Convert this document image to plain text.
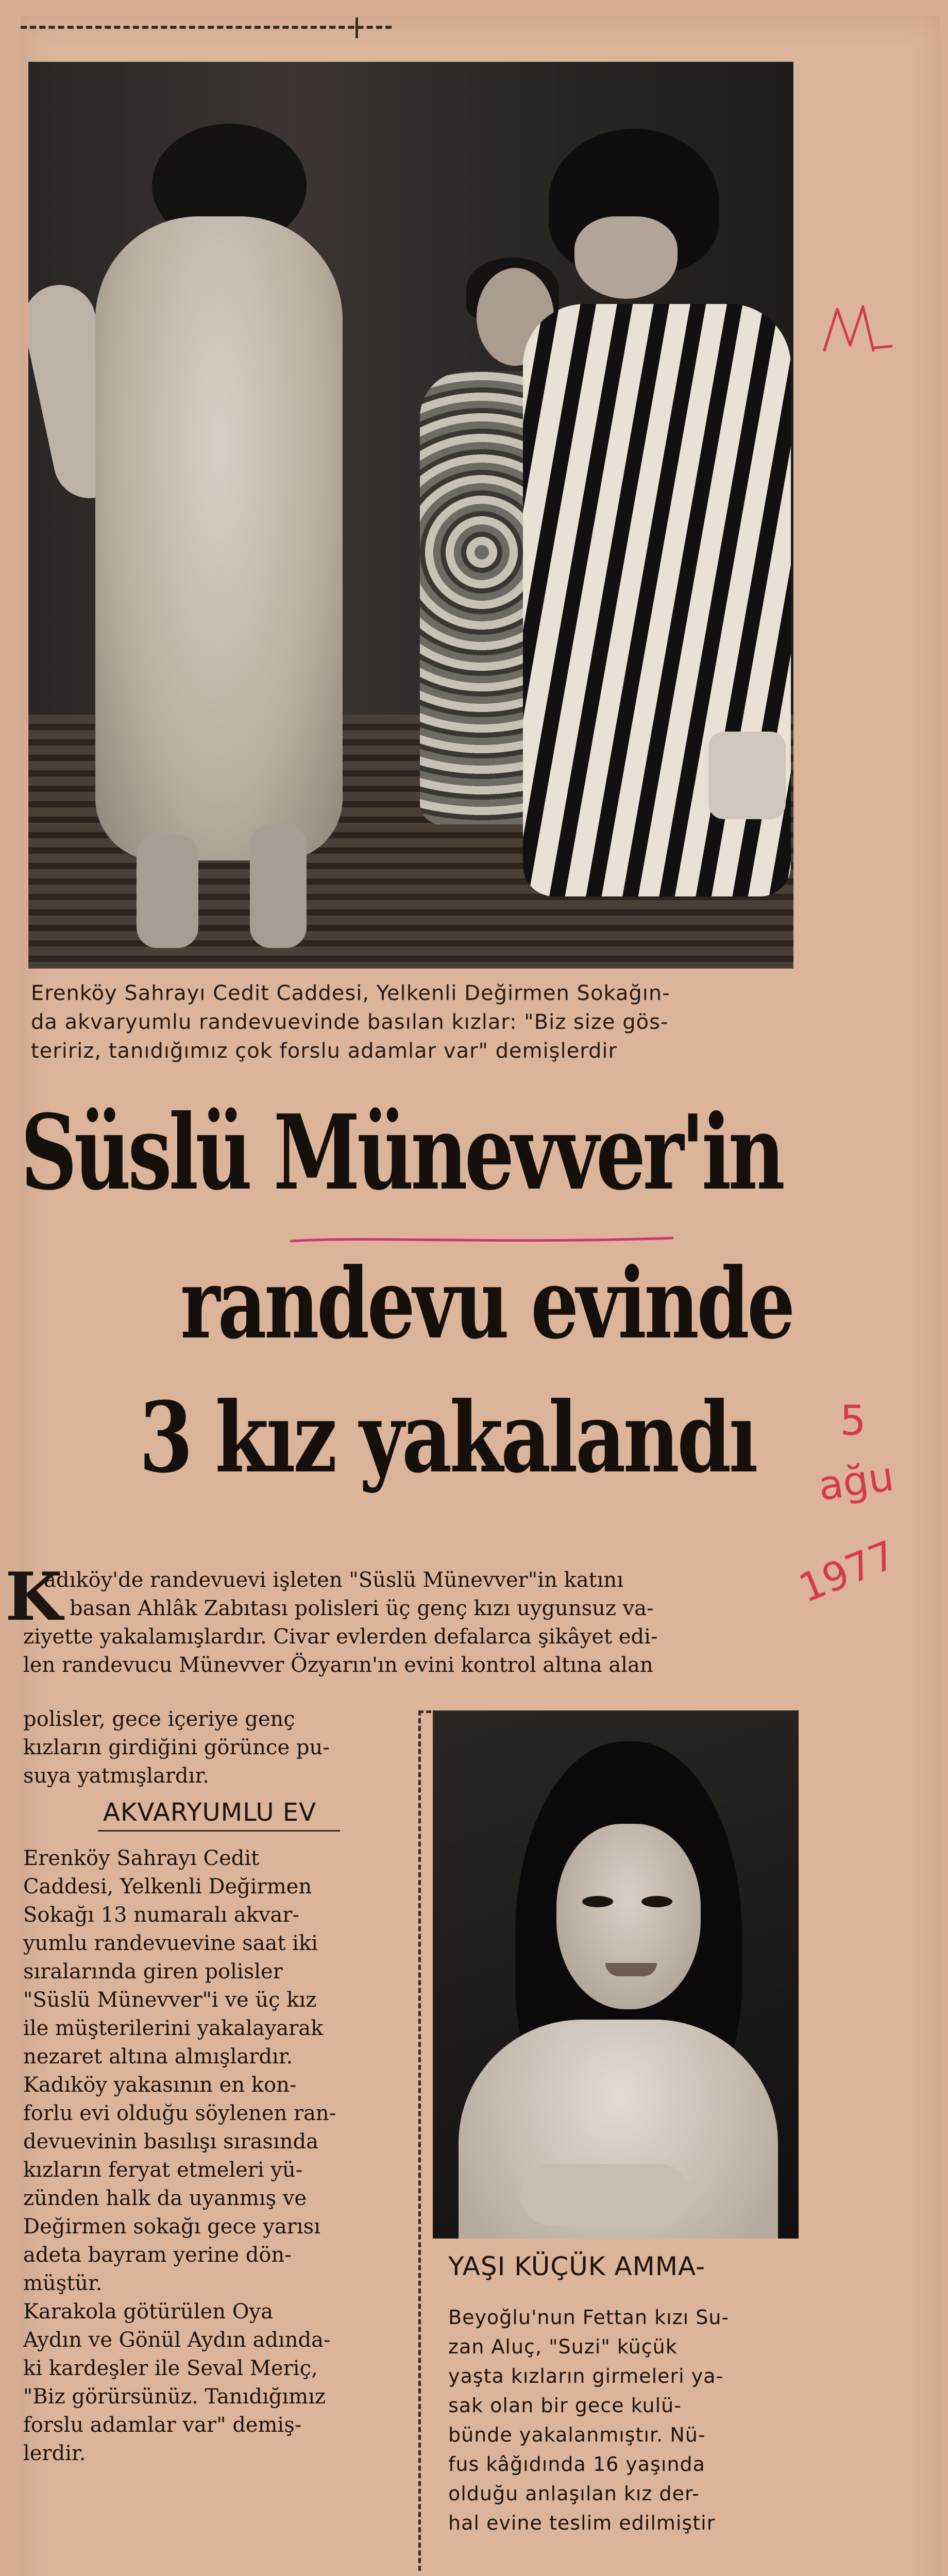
Erenköy Sahrayı Cedit Caddesi, Yelkenli Değirmen Sokağın-

da akvaryumlu randevuevinde basılan kızlar: "Biz size gös-

teririz, tanıdığımız çok forslu adamlar var" demişlerdir

M-
Süslü Münevver'in
randevu evinde
3 kız yakalandı 5
ağu
1977
K

adıköy'de randevuevi işleten "Süslü Münevver"in katını

basan Ahlâk Zabıtası polisleri üç genç kızı uygunsuz va-

ziyette yakalamışlardır. Civar evlerden defalarca şikâyet edi-

len randevucu Münevver Özyarın'ın evini kontrol altına alan

polisler, gece içeriye genç

kızların girdiğini görünce pu-

suya yatmışlardır.

AKVARYUMLU EV

Erenköy Sahrayı Cedit

Caddesi, Yelkenli Değirmen

Sokağı 13 numaralı akvar-

yumlu randevuevine saat iki

sıralarında giren polisler

"Süslü Münevver"i ve üç kız

ile müşterilerini yakalayarak

nezaret altına almışlardır.

Kadıköy yakasının en kon-

forlu evi olduğu söylenen ran-

devuevinin basılışı sırasında

kızların feryat etmeleri yü-

zünden halk da uyanmış ve

Değirmen sokağı gece yarısı

adeta bayram yerine dön-

müştür.

Karakola götürülen Oya

Aydın ve Gönül Aydın adında-

ki kardeşler ile Seval Meriç,

"Biz görürsünüz. Tanıdığımız

forslu adamlar var" demiş-

lerdir.

YAŞI KÜÇÜK AMMA-

Beyoğlu'nun Fettan kızı Su-

zan Aluç, "Suzi" küçük

yaşta kızların girmeleri ya-

sak olan bir gece kulü-

bünde yakalanmıştır. Nü-

fus kâğıdında 16 yaşında

olduğu anlaşılan kız der-

hal evine teslim edilmiştir
